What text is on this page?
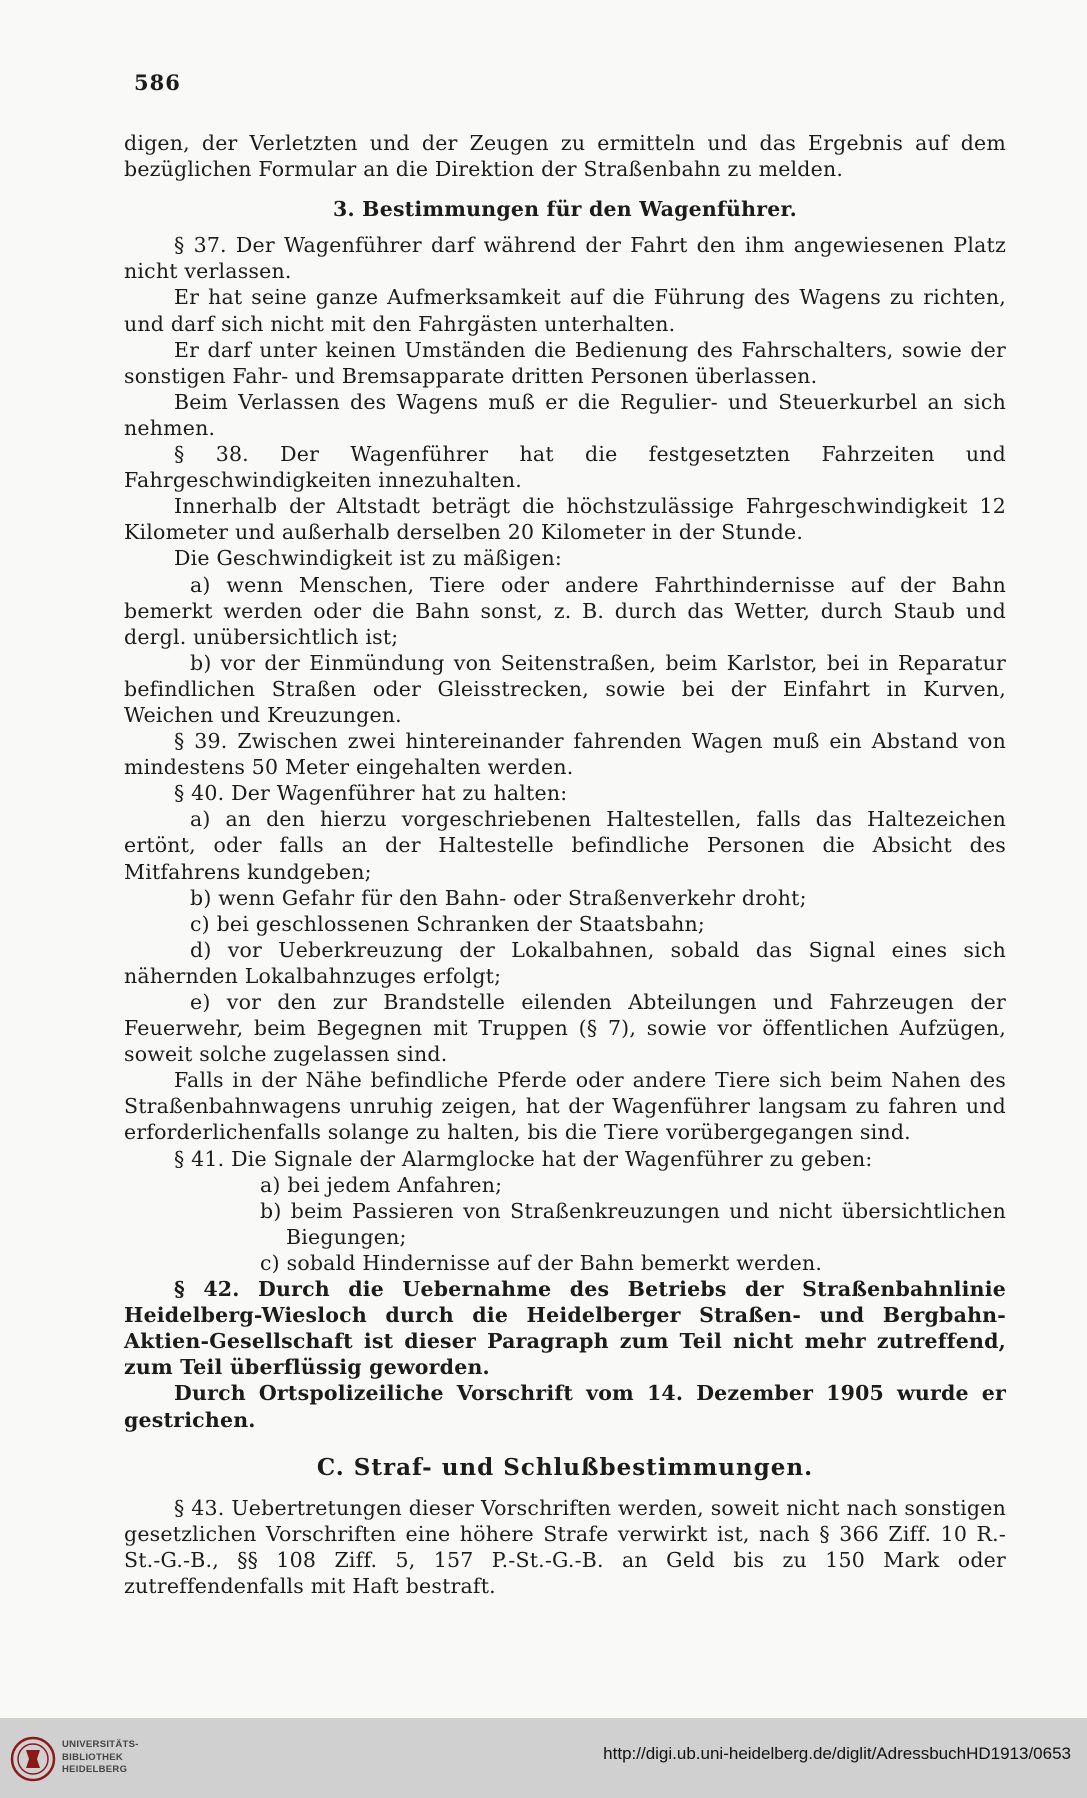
586

digen, der Verletzten und der Zeugen zu ermitteln und das Ergebnis auf dem bezüglichen Formular an die Direktion der Straßenbahn zu melden.

3. Bestimmungen für den Wagenführer.

§ 37. Der Wagenführer darf während der Fahrt den ihm angewiesenen Platz nicht verlassen.

Er hat seine ganze Aufmerksamkeit auf die Führung des Wagens zu richten, und darf sich nicht mit den Fahrgästen unterhalten.

Er darf unter keinen Umständen die Bedienung des Fahrschalters, sowie der sonstigen Fahr- und Bremsapparate dritten Personen überlassen.

Beim Verlassen des Wagens muß er die Regulier- und Steuerkurbel an sich nehmen.

§ 38. Der Wagenführer hat die festgesetzten Fahrzeiten und Fahrgeschwindigkeiten innezuhalten.

Innerhalb der Altstadt beträgt die höchstzulässige Fahrgeschwindigkeit 12 Kilometer und außerhalb derselben 20 Kilometer in der Stunde.

Die Geschwindigkeit ist zu mäßigen:

a) wenn Menschen, Tiere oder andere Fahrthindernisse auf der Bahn bemerkt werden oder die Bahn sonst, z. B. durch das Wetter, durch Staub und dergl. unübersichtlich ist;

b) vor der Einmündung von Seitenstraßen, beim Karlstor, bei in Reparatur befindlichen Straßen oder Gleisstrecken, sowie bei der Einfahrt in Kurven, Weichen und Kreuzungen.

§ 39. Zwischen zwei hintereinander fahrenden Wagen muß ein Abstand von mindestens 50 Meter eingehalten werden.

§ 40. Der Wagenführer hat zu halten:

a) an den hierzu vorgeschriebenen Haltestellen, falls das Haltezeichen ertönt, oder falls an der Haltestelle befindliche Personen die Absicht des Mitfahrens kundgeben;

b) wenn Gefahr für den Bahn- oder Straßenverkehr droht;

c) bei geschlossenen Schranken der Staatsbahn;

d) vor Ueberkreuzung der Lokalbahnen, sobald das Signal eines sich nähernden Lokalbahnzuges erfolgt;

e) vor den zur Brandstelle eilenden Abteilungen und Fahrzeugen der Feuerwehr, beim Begegnen mit Truppen (§ 7), sowie vor öffentlichen Aufzügen, soweit solche zugelassen sind.

Falls in der Nähe befindliche Pferde oder andere Tiere sich beim Nahen des Straßenbahnwagens unruhig zeigen, hat der Wagenführer langsam zu fahren und erforderlichenfalls solange zu halten, bis die Tiere vorübergegangen sind.

§ 41. Die Signale der Alarmglocke hat der Wagenführer zu geben:

a) bei jedem Anfahren;

b) beim Passieren von Straßenkreuzungen und nicht übersichtlichen Biegungen;

c) sobald Hindernisse auf der Bahn bemerkt werden.

§ 42. Durch die Uebernahme des Betriebs der Straßenbahnlinie Heidelberg-Wiesloch durch die Heidelberger Straßen- und Bergbahn-Aktien-Gesellschaft ist dieser Paragraph zum Teil nicht mehr zutreffend, zum Teil überflüssig geworden.

Durch Ortspolizeiliche Vorschrift vom 14. Dezember 1905 wurde er gestrichen.

C. Straf- und Schlußbestimmungen.

§ 43. Uebertretungen dieser Vorschriften werden, soweit nicht nach sonstigen gesetzlichen Vorschriften eine höhere Strafe verwirkt ist, nach § 366 Ziff. 10 R.-St.-G.-B., §§ 108 Ziff. 5, 157 P.-St.-G.-B. an Geld bis zu 150 Mark oder zutreffendenfalls mit Haft bestraft.

UNIVERSITÄTS-
BIBLIOTHEK
HEIDELBERG
http://digi.ub.uni-heidelberg.de/diglit/AdressbuchHD1913/0653
